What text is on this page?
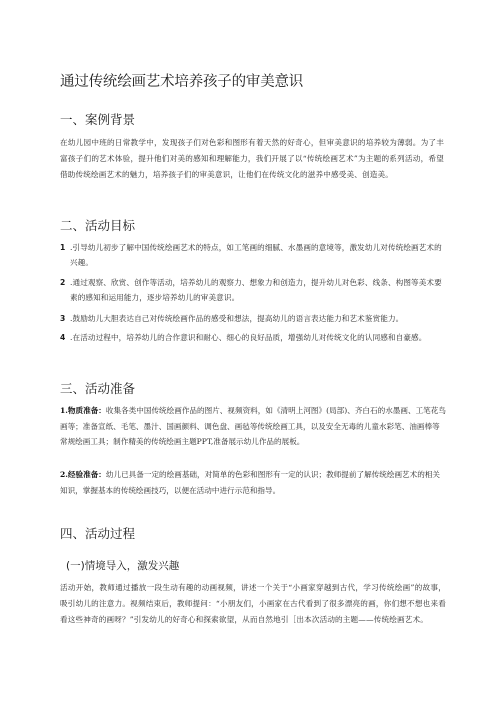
通过传统绘画艺术培养孩子的审美意识
一、案例背景
在幼儿园中班的日常教学中，发现孩子们对色彩和图形有着天然的好奇心，但审美意识的培养较为薄弱。为了丰富孩子们的艺术体验，提升他们对美的感知和理解能力，我们开展了以“传统绘画艺术”为主题的系列活动，希望借助传统绘画艺术的魅力，培养孩子们的审美意识，让他们在传统文化的滋养中感受美、创造美。
二、活动目标
1 .引导幼儿初步了解中国传统绘画艺术的特点，如工笔画的细腻、水墨画的意境等，激发幼儿对传统绘画艺术的兴趣。
2 .通过观察、欣赏、创作等活动，培养幼儿的观察力、想象力和创造力，提升幼儿对色彩、线条、构图等美术要素的感知和运用能力，逐步培养幼儿的审美意识。
3 .鼓励幼儿大胆表达自己对传统绘画作品的感受和想法，提高幼儿的语言表达能力和艺术鉴赏能力。
4 .在活动过程中，培养幼儿的合作意识和耐心、细心的良好品质，增强幼儿对传统文化的认同感和自豪感。
三、活动准备
1.物质准备：收集各类中国传统绘画作品的图片、视频资料，如《清明上河图》(局部)、齐白石的水墨画、工笔花鸟画等；准备宣纸、毛笔、墨汁、国画颜料、调色盘、画毡等传统绘画工具，以及安全无毒的儿童水彩笔、油画棒等常规绘画工具；制作精美的传统绘画主题PPT,准备展示幼儿作品的展板。
2.经验准备：幼儿已具备一定的绘画基础，对简单的色彩和图形有一定的认识；教师提前了解传统绘画艺术的相关知识，掌握基本的传统绘画技巧，以便在活动中进行示范和指导。
四、活动过程
(一)情境导入，激发兴趣
活动开始，教师通过播放一段生动有趣的动画视频，讲述一个关于“小画家穿越到古代，学习传统绘画”的故事，吸引幼儿的注意力。视频结束后，教师提问：“小朋友们，小画家在古代看到了很多漂亮的画，你们想不想也来看看这些神奇的画呀？”引发幼儿的好奇心和探索欲望，从而自然地引［出本次活动的主题——传统绘画艺术。
